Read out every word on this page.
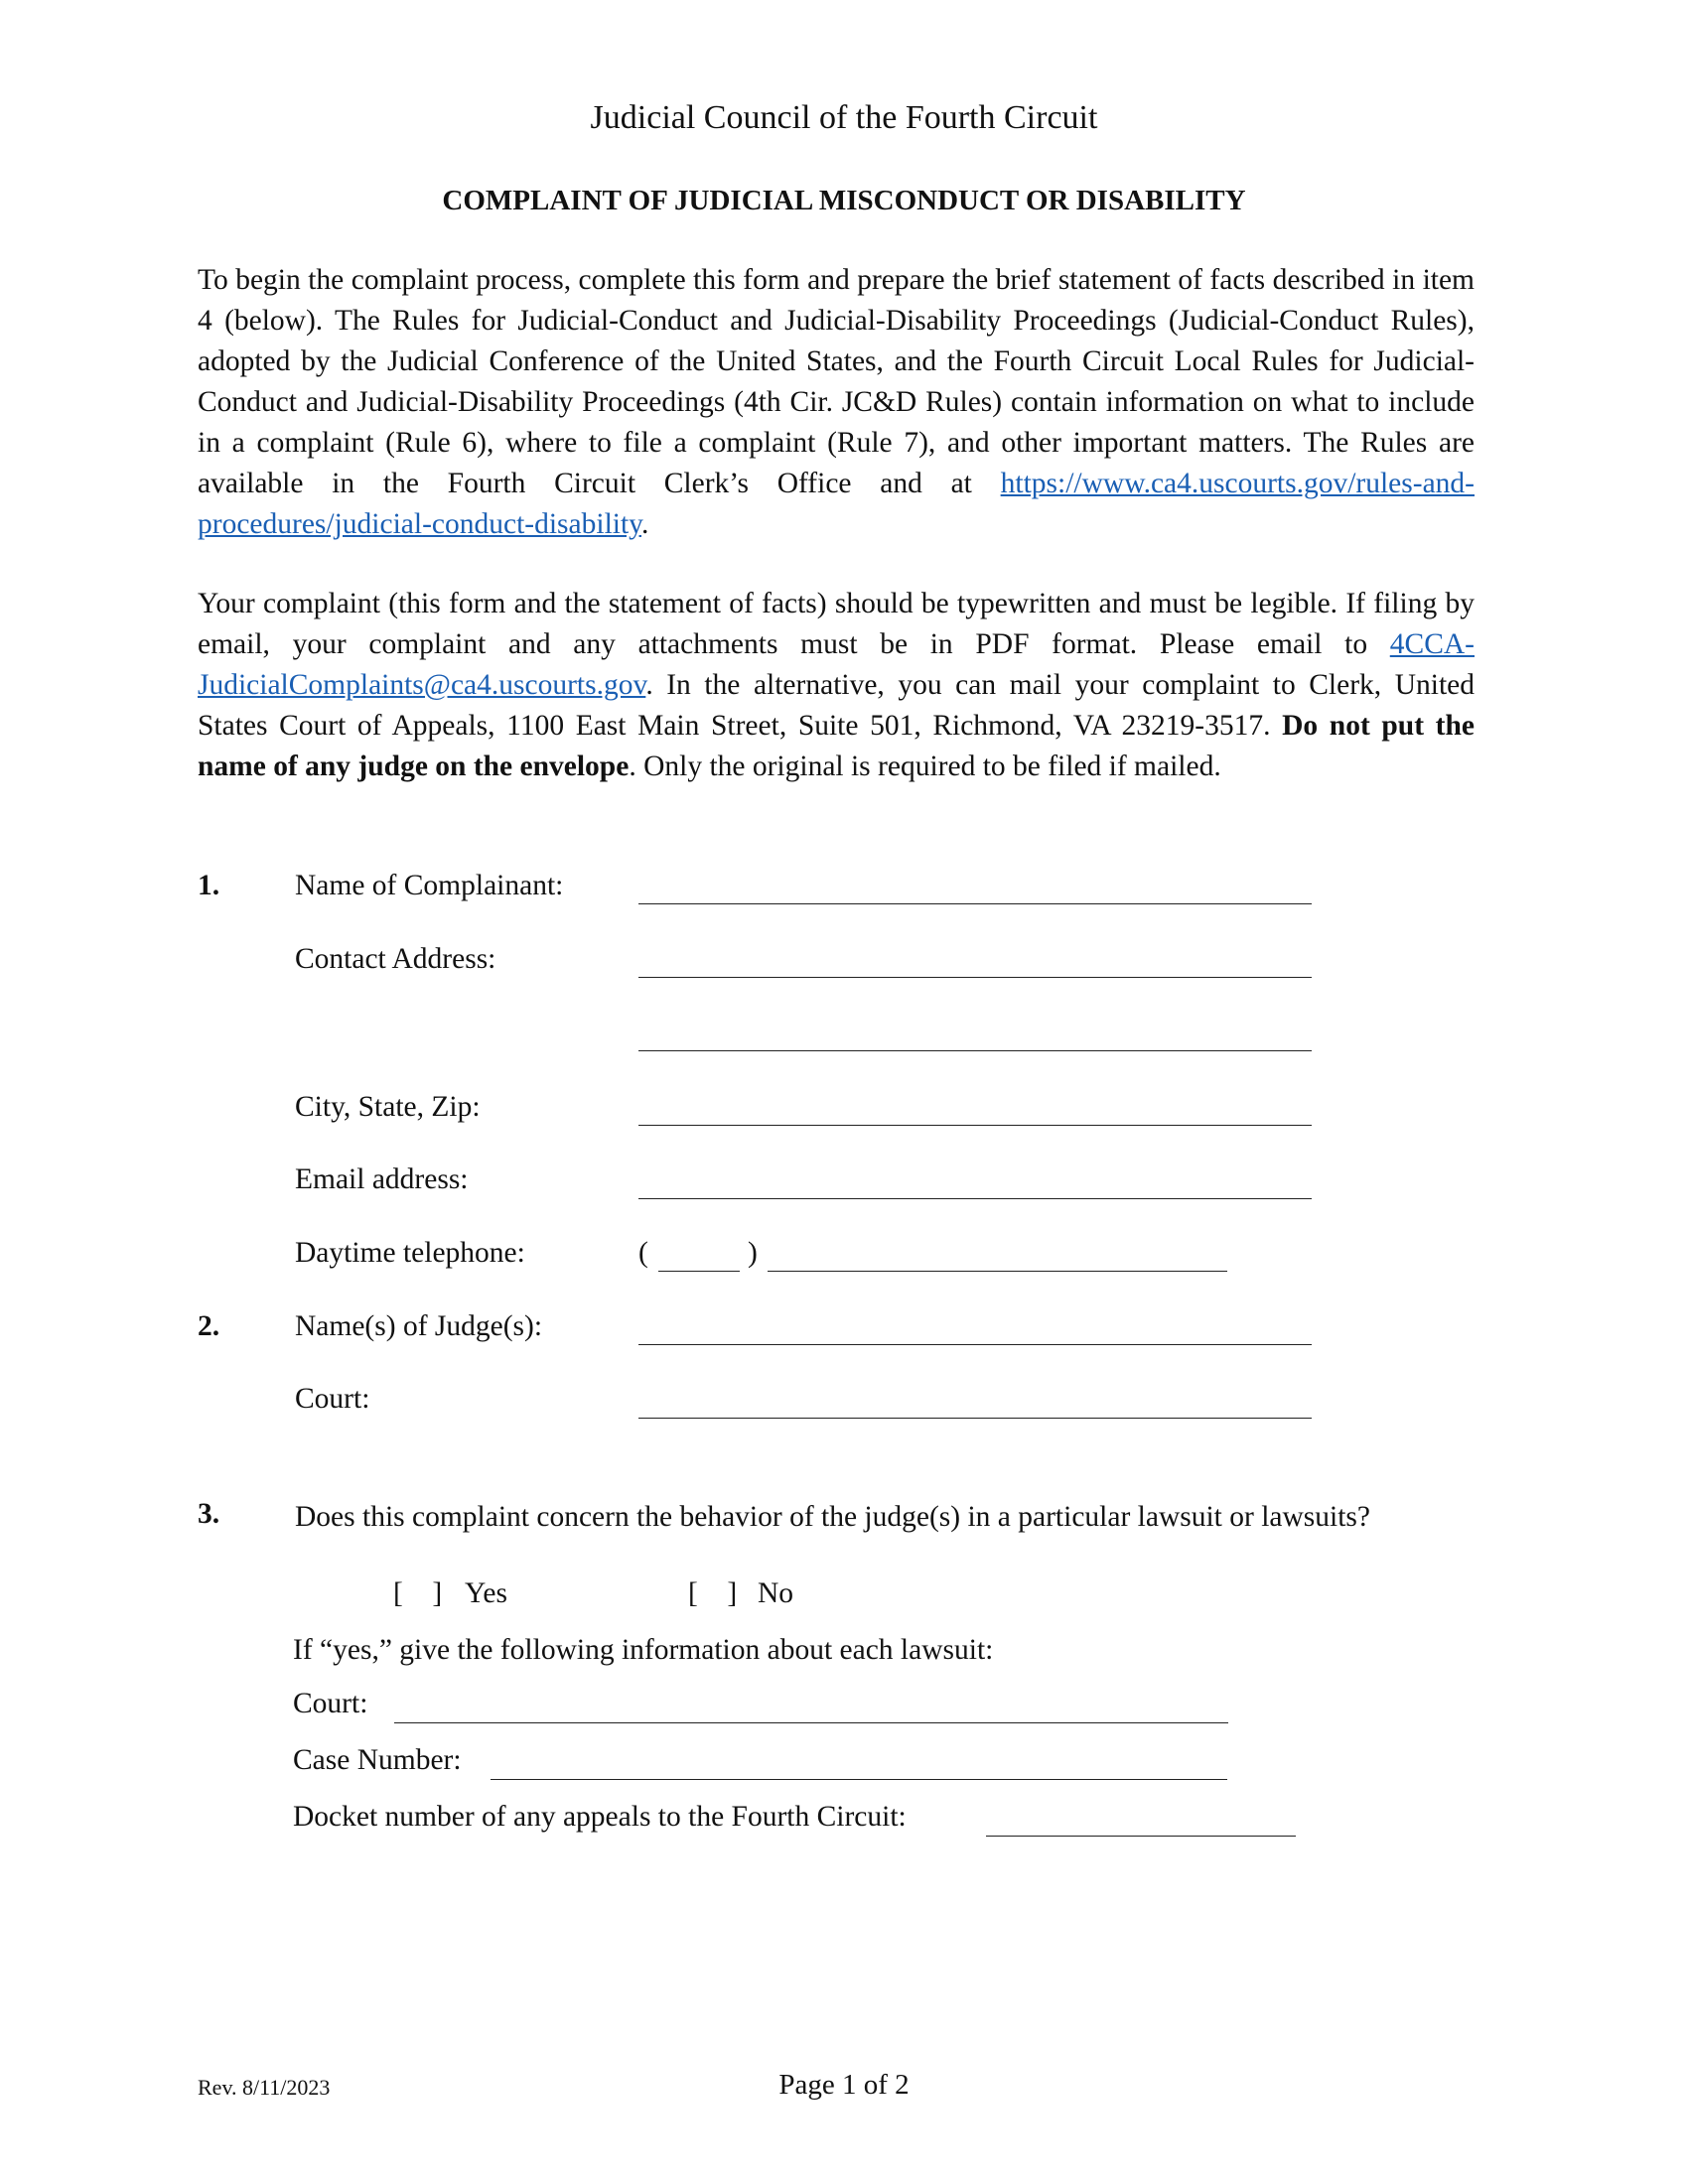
Judicial Council of the Fourth Circuit
COMPLAINT OF JUDICIAL MISCONDUCT OR DISABILITY
To begin the complaint process, complete this form and prepare the brief statement of facts described in item 4 (below). The Rules for Judicial-Conduct and Judicial-Disability Proceedings (Judicial-Conduct Rules), adopted by the Judicial Conference of the United States, and the Fourth Circuit Local Rules for Judicial-Conduct and Judicial-Disability Proceedings (4th Cir. JC&D Rules) contain information on what to include in a complaint (Rule 6), where to file a complaint (Rule 7), and other important matters. The Rules are available in the Fourth Circuit Clerk’s Office and at https://www.ca4.uscourts.gov/rules-and-procedures/judicial-conduct-disability.
Your complaint (this form and the statement of facts) should be typewritten and must be legible. If filing by email, your complaint and any attachments must be in PDF format. Please email to 4CCA-JudicialComplaints@ca4.uscourts.gov. In the alternative, you can mail your complaint to Clerk, United States Court of Appeals, 1100 East Main Street, Suite 501, Richmond, VA 23219-3517. Do not put the name of any judge on the envelope. Only the original is required to be filed if mailed.
1.	Name of Complainant:
Contact Address:
City, State, Zip:
Email address:
Daytime telephone:	(	)
2.	Name(s) of Judge(s):
Court:
3.	Does this complaint concern the behavior of the judge(s) in a particular lawsuit or lawsuits?
[    ] Yes	[    ] No
If “yes,” give the following information about each lawsuit:
Court:
Case Number:
Docket number of any appeals to the Fourth Circuit:
Rev. 8/11/2023	Page 1 of 2
